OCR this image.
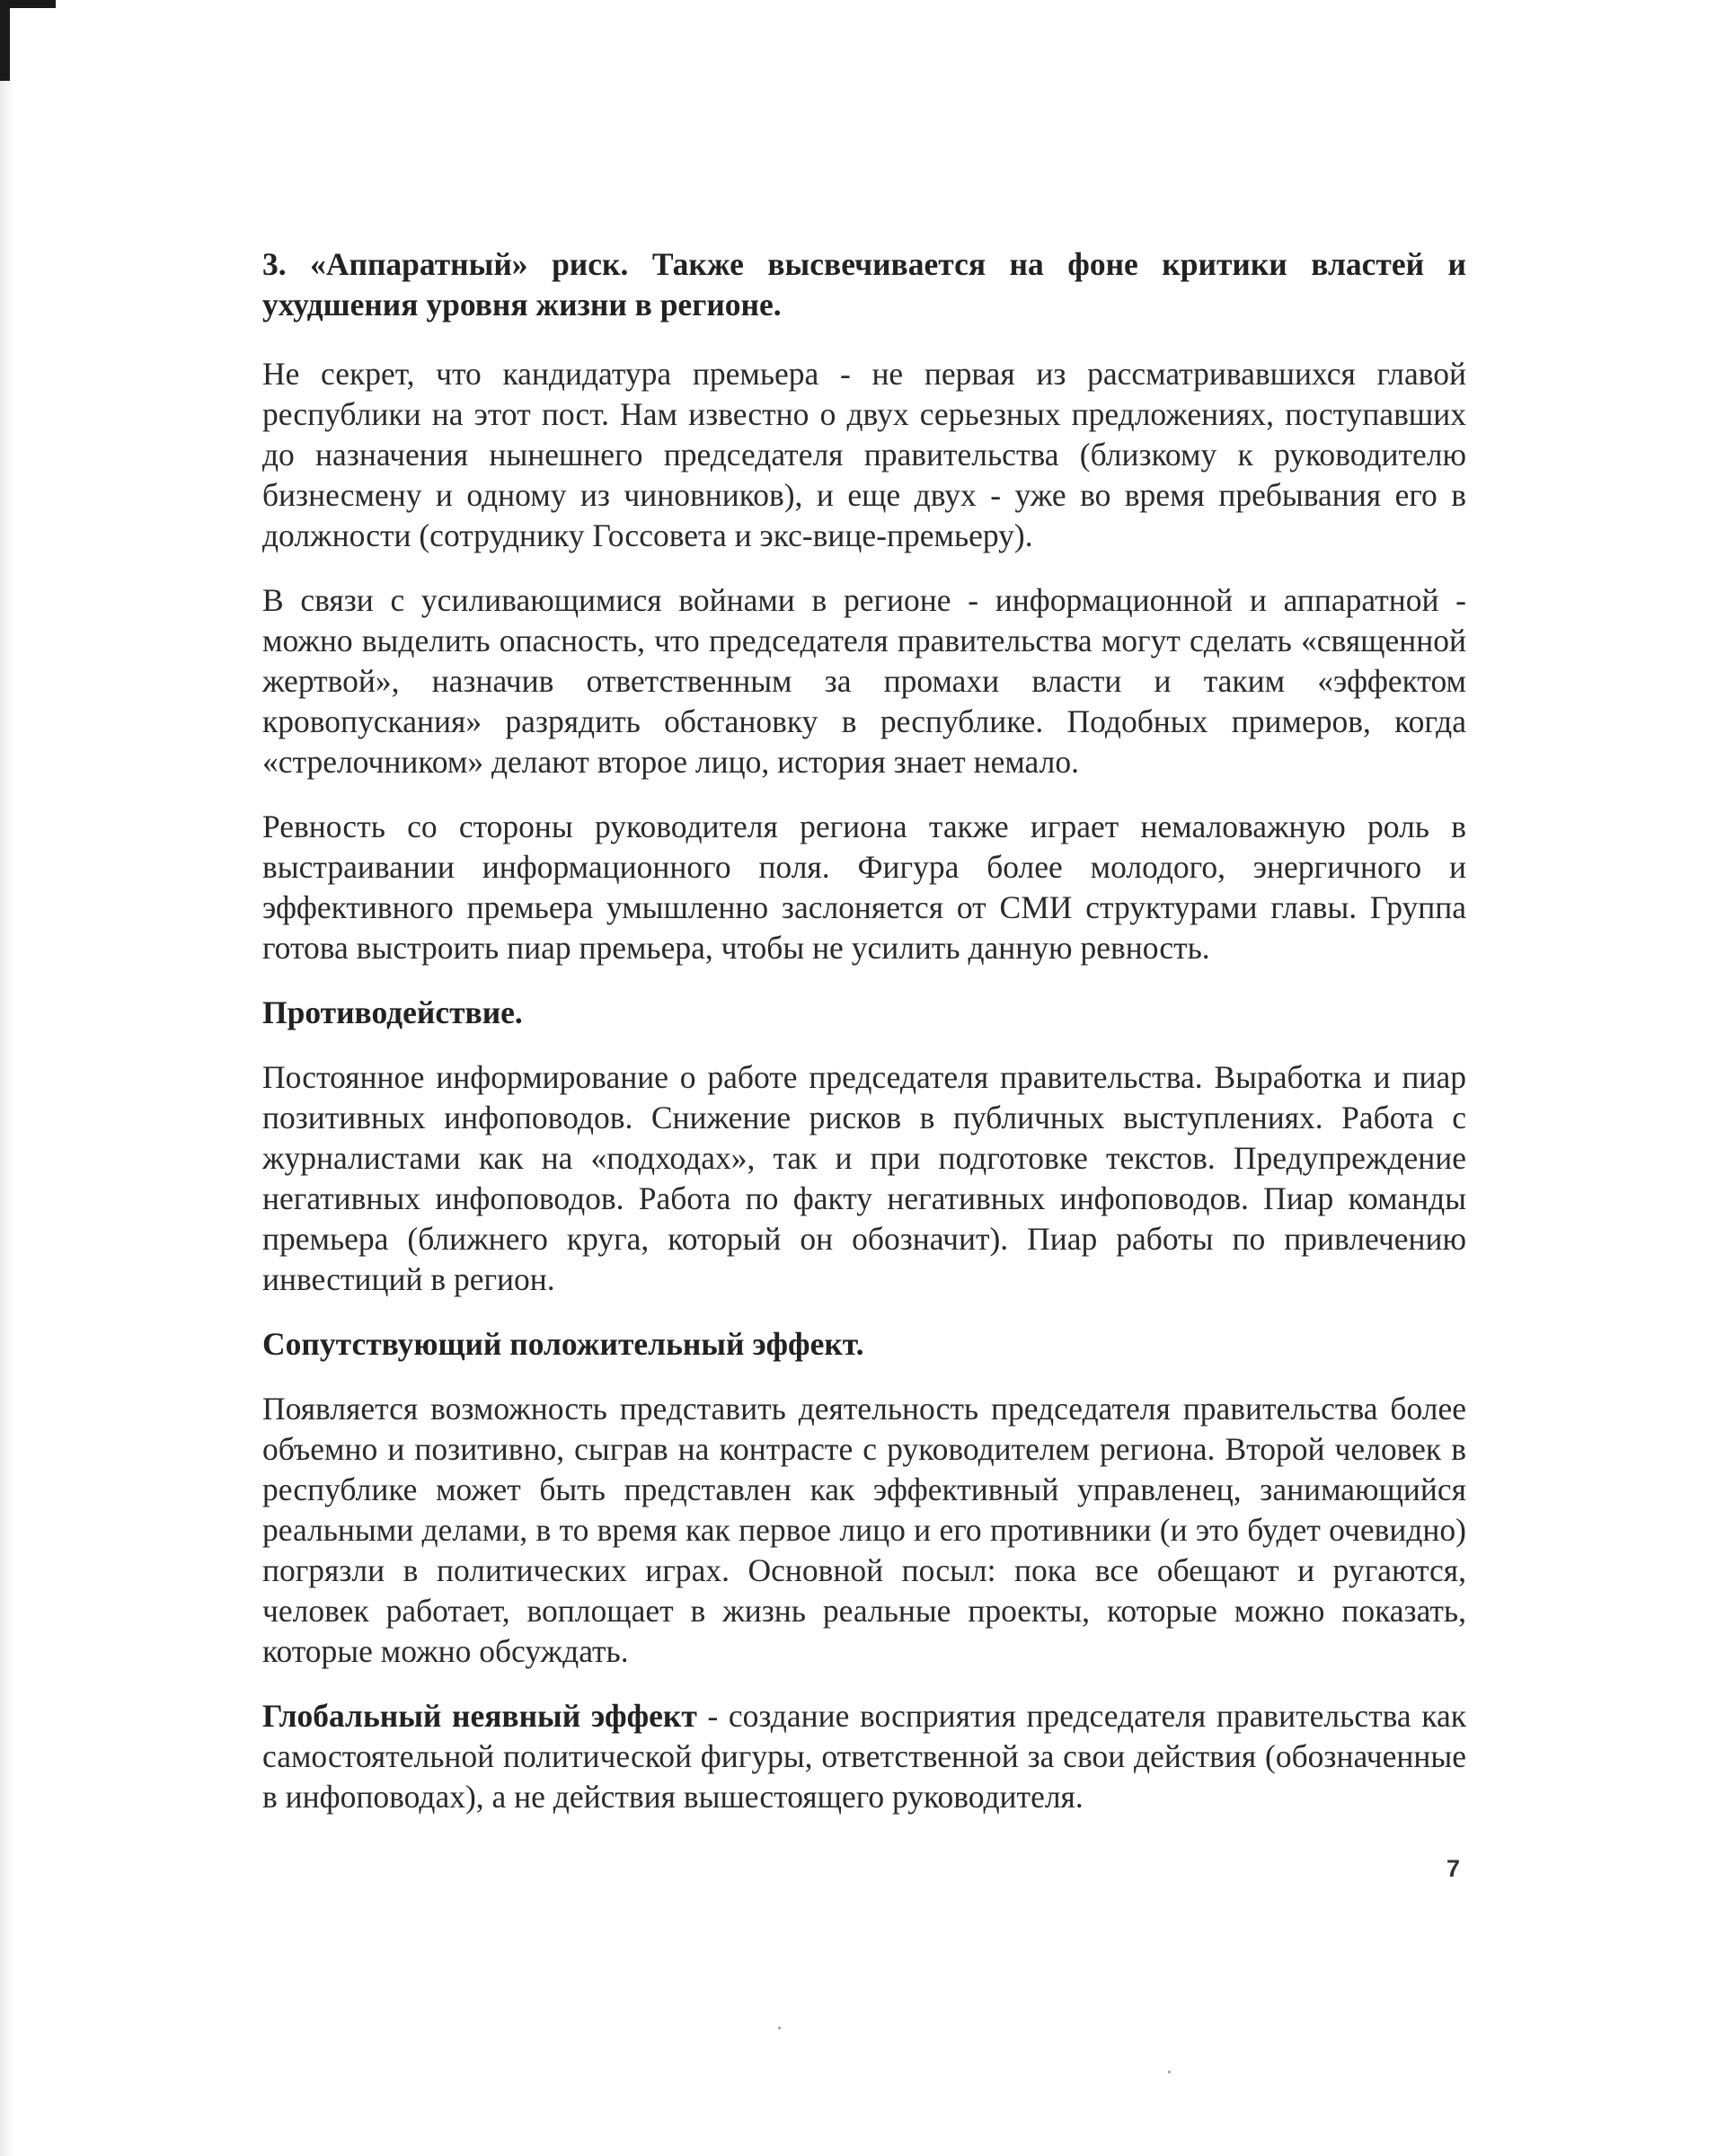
3. «Аппаратный» риск. Также высвечивается на фоне критики властей и ухудшения уровня жизни в регионе.

Не секрет, что кандидатура премьера - не первая из рассматривавшихся главой республики на этот пост. Нам известно о двух серьезных предложениях, поступавших до назначения нынешнего председателя правительства (близкому к руководителю бизнесмену и одному из чиновников), и еще двух - уже во время пребывания его в должности (сотруднику Госсовета и экс-вице-премьеру).

В связи с усиливающимися войнами в регионе - информационной и аппаратной - можно выделить опасность, что председателя правительства могут сделать «священной жертвой», назначив ответственным за промахи власти и таким «эффектом кровопускания» разрядить обстановку в республике. Подобных примеров, когда «стрелочником» делают второе лицо, история знает немало.

Ревность со стороны руководителя региона также играет немаловажную роль в выстраивании информационного поля. Фигура более молодого, энергичного и эффективного премьера умышленно заслоняется от СМИ структурами главы. Группа готова выстроить пиар премьера, чтобы не усилить данную ревность.

Противодействие.

Постоянное информирование о работе председателя правительства. Выработка и пиар позитивных инфоповодов. Снижение рисков в публичных выступлениях. Работа с журналистами как на «подходах», так и при подготовке текстов. Предупреждение негативных инфоповодов. Работа по факту негативных инфоповодов. Пиар команды премьера (ближнего круга, который он обозначит). Пиар работы по привлечению инвестиций в регион.

Сопутствующий положительный эффект.

Появляется возможность представить деятельность председателя правительства более объемно и позитивно, сыграв на контрасте с руководителем региона. Второй человек в республике может быть представлен как эффективный управленец, занимающийся реальными делами, в то время как первое лицо и его противники (и это будет очевидно) погрязли в политических играх. Основной посыл: пока все обещают и ругаются, человек работает, воплощает в жизнь реальные проекты, которые можно показать, которые можно обсуждать.

Глобальный неявный эффект - создание восприятия председателя правительства как самостоятельной политической фигуры, ответственной за свои действия (обозначенные в инфоповодах), а не действия вышестоящего руководителя.

7
